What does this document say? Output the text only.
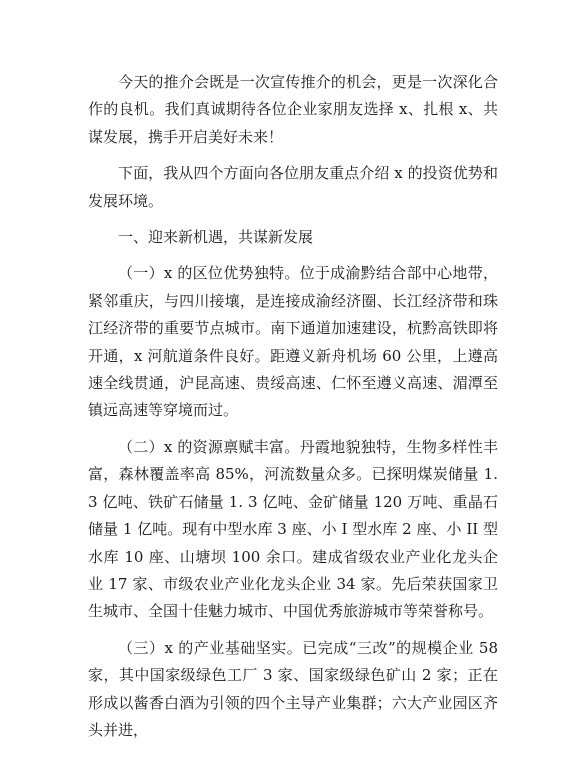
今天的推介会既是一次宣传推介的机会，更是一次深化合作的良机。我们真诚期待各位企业家朋友选择 x、扎根 x、共谋发展，携手开启美好未来！

下面，我从四个方面向各位朋友重点介绍 x 的投资优势和发展环境。

一、迎来新机遇，共谋新发展

（一）x 的区位优势独特。位于成渝黔结合部中心地带，紧邻重庆，与四川接壤，是连接成渝经济圈、长江经济带和珠江经济带的重要节点城市。南下通道加速建设，杭黔高铁即将开通，x 河航道条件良好。距遵义新舟机场 60 公里，上遵高速全线贯通，沪昆高速、贵绥高速、仁怀至遵义高速、湄潭至镇远高速等穿境而过。

（二）x 的资源禀赋丰富。丹霞地貌独特，生物多样性丰富，森林覆盖率高 85%，河流数量众多。已探明煤炭储量 1. 3 亿吨、铁矿石储量 1. 3 亿吨、金矿储量 120 万吨、重晶石储量 1 亿吨。现有中型水库 3 座、小 I 型水库 2 座、小 II 型水库 10 座、山塘坝 100 余口。建成省级农业产业化龙头企业 17 家、市级农业产业化龙头企业 34 家。先后荣获国家卫生城市、全国十佳魅力城市、中国优秀旅游城市等荣誉称号。

（三）x 的产业基础坚实。已完成“三改”的规模企业 58 家，其中国家级绿色工厂 3 家、国家级绿色矿山 2 家；正在形成以酱香白酒为引领的四个主导产业集群；六大产业园区齐头并进，
